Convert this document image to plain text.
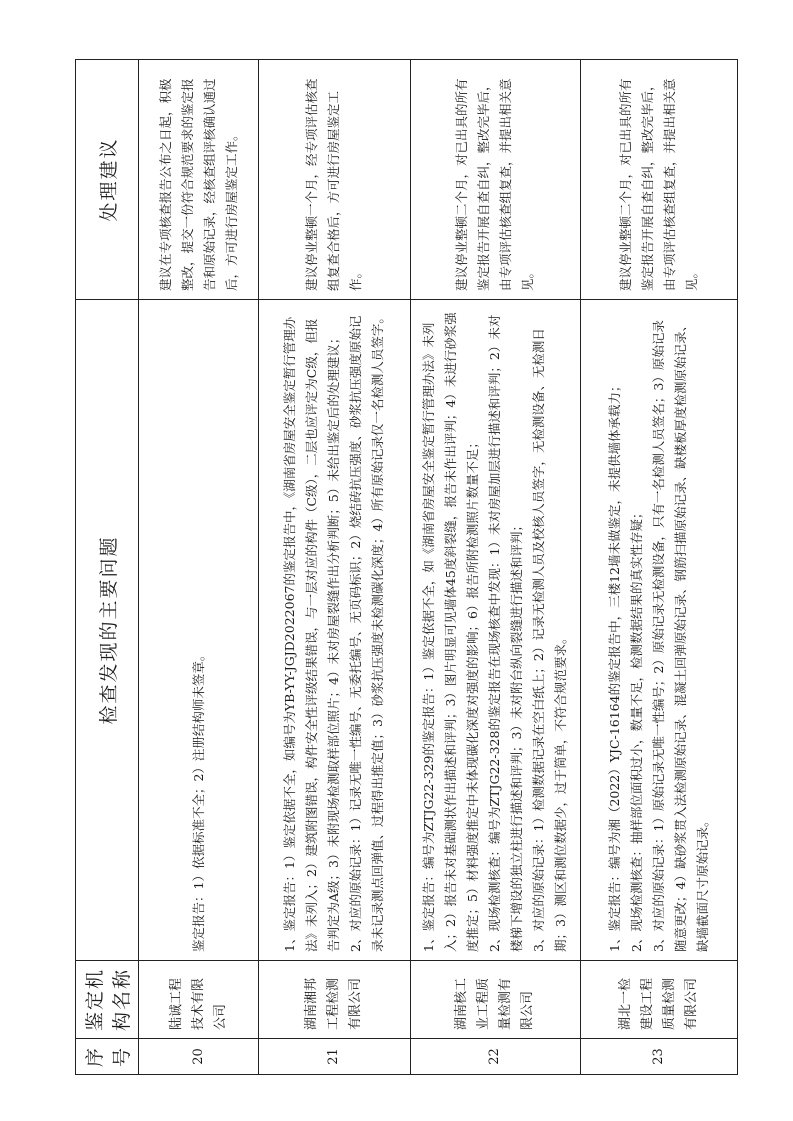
序号	鉴定机构名称	检查发现的主要问题	处理建议
20	陆诚工程技术有限公司	鉴定报告：1）依据标准不全；2）注册结构师未签章。	建议在专项核查报告公布之日起，积极整改，提交一份符合规范要求的鉴定报告和原始记录，经核查组评核确认通过后，方可进行房屋鉴定工作。
21	湖南湘邦工程检测有限公司	1、鉴定报告：1）鉴定依据不全，如编号为YB-YY-JGJD2022067的鉴定报告中，《湖南省房屋安全鉴定暂行管理办法》未列入；2）建筑附图错误，构件安全性评级结果错误，与一层对应的构件（C级），二层也应评定为C级，但报告判定为A级；3）未附现场检测取样部位照片；4）未对房屋裂缝作出分析判断；5）未给出鉴定后的处理建议； 2、对应的原始记录：1）记录无唯一性编号、无委托编号、无页码标识；2）烧结砖抗压强度、砂浆抗压强度原始记录未记录测点回弹值、过程得出推定值；3）砂浆抗压强度未检测碳化深度；4）所有原始记录仅一名检测人员签字。	建议停业整顿一个月，经专项评估核查组复查合格后，方可进行房屋鉴定工作。
22	湖南核工业工程质量检测有限公司	1、鉴定报告：编号为ZTJG22-329的鉴定报告：1）鉴定依据不全，如《湖南省房屋安全鉴定暂行管理办法》未列入；2）报告未对基础测状作出描述和评判；3）图片明显可见墙体45度斜裂缝，报告未作出评判；4）未进行砂浆强度推定；5）材料强度推定中未体现碳化深度对强度的影响；6）报告所附检测照片数量不足； 2、现场检测核查：编号为ZTJG22-328的鉴定报告在现场核查中发现：1）未对房屋加层进行描述和评判；2）未对楼梯下增设的独立柱进行描述和评判；3）未对附台纵向裂缝进行描述和评判； 3、对应的原始记录：1）检测数据记录在空白纸上；2）记录无检测人员及校核人员签字，无检测设备、无检测日期；3）测区和测位数据少，过于简单，不符合规范要求。	建议停业整顿二个月，对已出具的所有鉴定报告开展自查自纠，整改完毕后，由专项评估核查组复查，并提出相关意见。
23	湖北一检建设工程质量检测有限公司	1、鉴定报告：编号为湘（2022）YJC-16164的鉴定报告中，三楼12墙未做鉴定，未提供墙体承载力； 2、现场检测核查：抽样部位面积过小，数量不足，检测数据结果的真实性存疑； 3、对应的原始记录：1）原始记录无唯一性编号；2）原始记录无检测设备，只有一名检测人员签名；3）原始记录随意更改；4）缺砂浆贯入法检测原始记录、混凝土回弹原始记录、钢筋扫描原始记录、缺楼板厚度检测原始记录、缺墙截面尺寸原始记录。	建议停业整顿二个月，对已出具的所有鉴定报告开展自查自纠，整改完毕后，由专项评估核查组复查，并提出相关意见。
